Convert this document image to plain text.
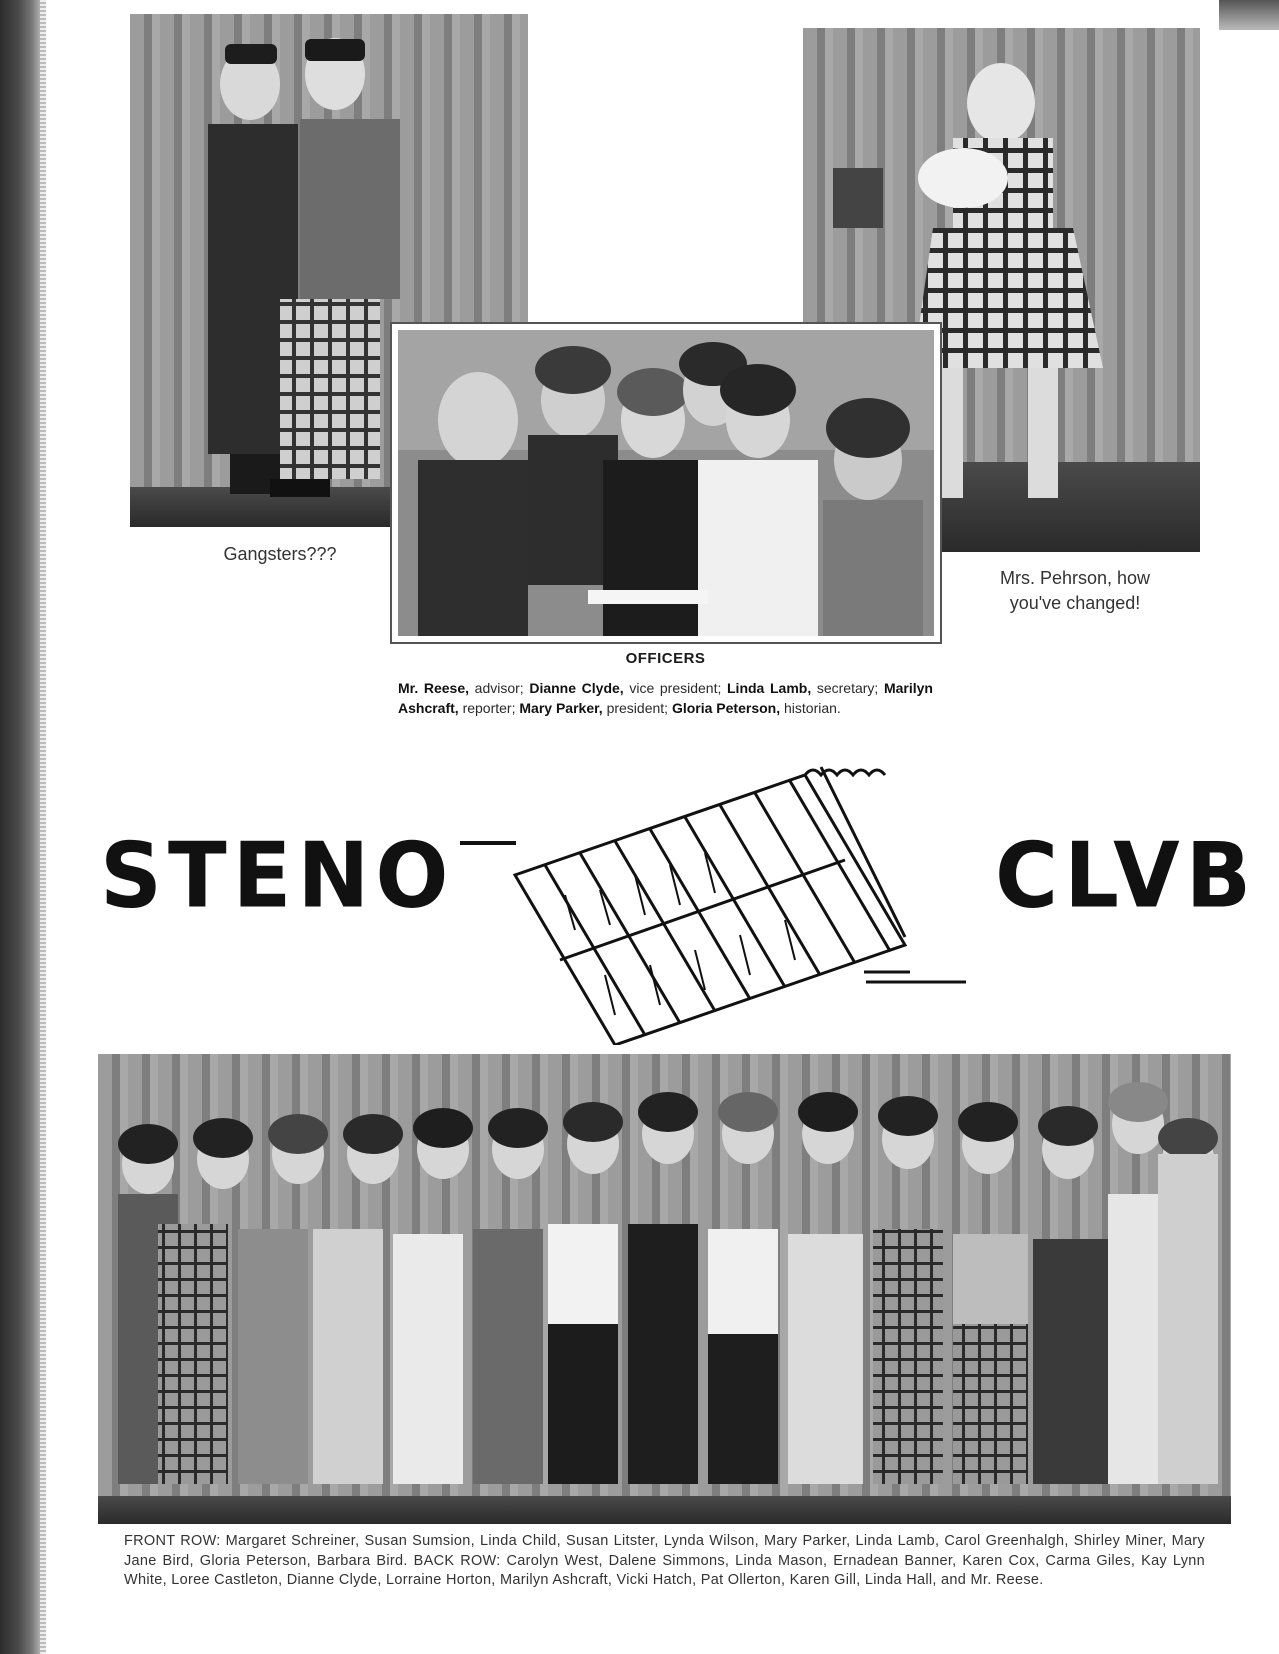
Gangsters???
Mrs. Pehrson, how
you've changed!
OFFICERS
Mr. Reese, advisor; Dianne Clyde, vice president; Linda Lamb, secretary; Marilyn Ashcraft, reporter; Mary Parker, president; Gloria Peterson, historian.
STENO	CLVB
FRONT ROW: Margaret Schreiner, Susan Sumsion, Linda Child, Susan Litster, Lynda Wilson, Mary Parker, Linda Lamb, Carol Greenhalgh, Shirley Miner, Mary Jane Bird, Gloria Peterson, Barbara Bird. BACK ROW: Carolyn West, Dalene Simmons, Linda Mason, Ernadean Banner, Karen Cox, Carma Giles, Kay Lynn White, Loree Castleton, Dianne Clyde, Lorraine Horton, Marilyn Ashcraft, Vicki Hatch, Pat Ollerton, Karen Gill, Linda Hall, and Mr. Reese.
